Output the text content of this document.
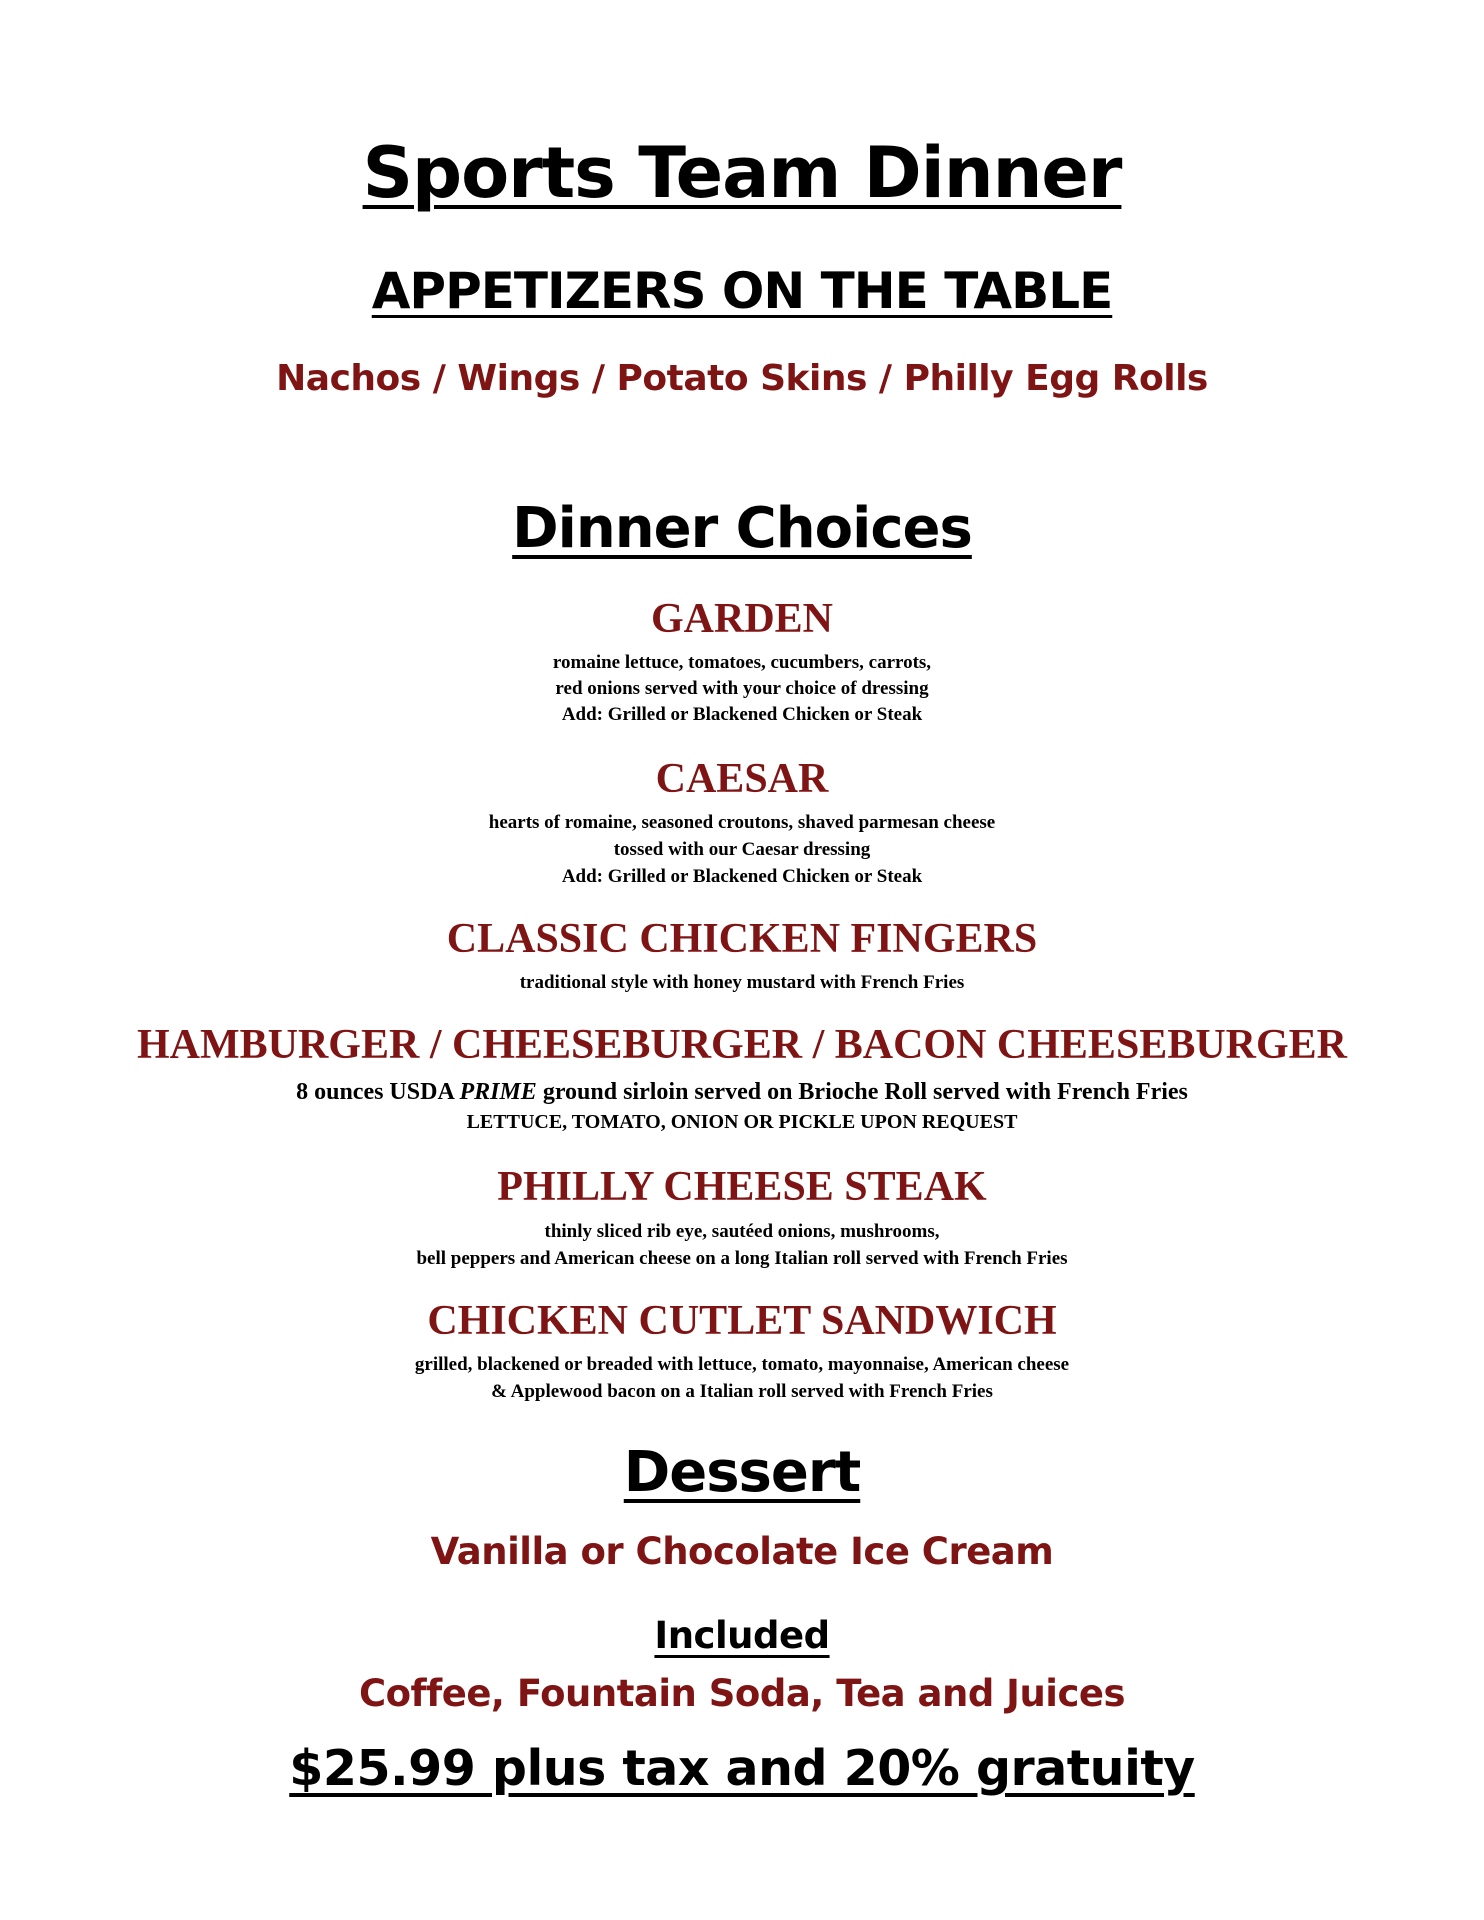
Sports Team Dinner
APPETIZERS ON THE TABLE
Nachos / Wings / Potato Skins / Philly Egg Rolls
Dinner Choices
GARDEN
romaine lettuce, tomatoes, cucumbers, carrots,
red onions served with your choice of dressing
Add: Grilled or Blackened Chicken or Steak
CAESAR
hearts of romaine, seasoned croutons, shaved parmesan cheese
tossed with our Caesar dressing
Add: Grilled or Blackened Chicken or Steak
CLASSIC CHICKEN FINGERS
traditional style with honey mustard with French Fries
HAMBURGER / CHEESEBURGER / BACON CHEESEBURGER
8 ounces USDA PRIME ground sirloin served on Brioche Roll served with French Fries
LETTUCE, TOMATO, ONION OR PICKLE UPON REQUEST
PHILLY CHEESE STEAK
thinly sliced rib eye, sautéed onions, mushrooms,
bell peppers and American cheese on a long Italian roll served with French Fries
CHICKEN CUTLET SANDWICH
grilled, blackened or breaded with lettuce, tomato, mayonnaise, American cheese
& Applewood bacon on a Italian roll served with French Fries
Dessert
Vanilla or Chocolate Ice Cream
Included
Coffee, Fountain Soda, Tea and Juices
$25.99 plus tax and 20% gratuity
